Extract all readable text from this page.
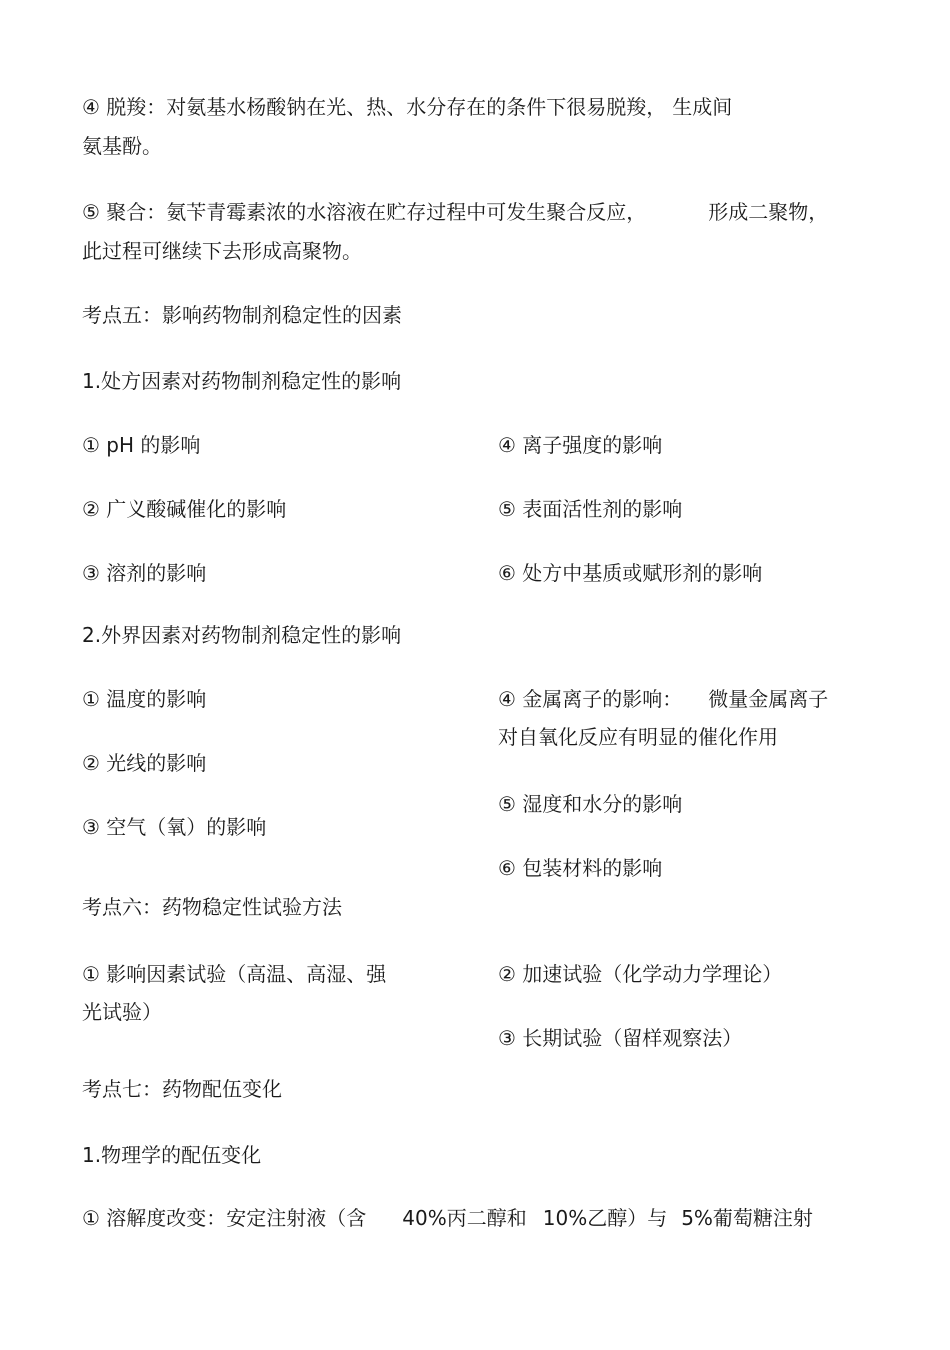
④ 脱羧：对氨基水杨酸钠在光、热、水分存在的条件下很易脱羧， 生成间
氨基酚。
⑤ 聚合：氨苄青霉素浓的水溶液在贮存过程中可发生聚合反应，	形成二聚物，
此过程可继续下去形成高聚物。
考点五：影响药物制剂稳定性的因素
1.处方因素对药物制剂稳定性的影响
① pH 的影响
② 广义酸碱催化的影响
③ 溶剂的影响
④ 离子强度的影响
⑤ 表面活性剂的影响
⑥ 处方中基质或赋形剂的影响
2.外界因素对药物制剂稳定性的影响
① 温度的影响
② 光线的影响
③ 空气（氧）的影响
④ 金属离子的影响： 微量金属离子
对自氧化反应有明显的催化作用
⑤ 湿度和水分的影响
⑥ 包装材料的影响
考点六：药物稳定性试验方法
① 影响因素试验（高温、高湿、强
光试验）
② 加速试验（化学动力学理论）
③ 长期试验（留样观察法）
考点七：药物配伍变化
1.物理学的配伍变化
① 溶解度改变：安定注射液（含 40%丙二醇和 10%乙醇）与 5%葡萄糖注射
